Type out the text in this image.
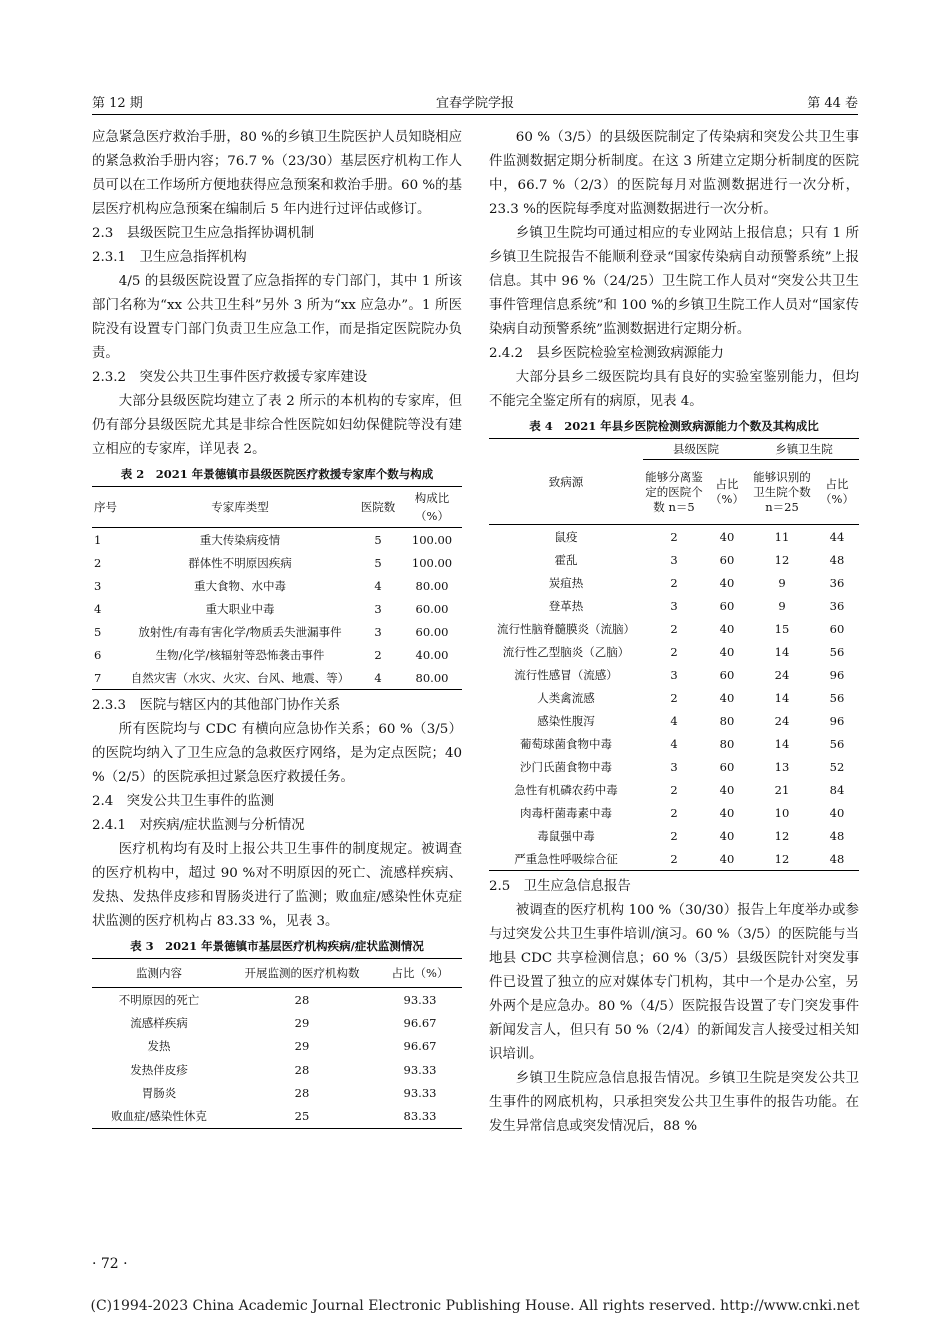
第 12 期	宜春学院学报	第 44 卷

应急紧急医疗救治手册，80 %的乡镇卫生院医护人员知晓相应的紧急救治手册内容；76.7 %（23/30）基层医疗机构工作人员可以在工作场所方便地获得应急预案和救治手册。60 %的基层医疗机构应急预案在编制后 5 年内进行过评估或修订。

2.3　县级医院卫生应急指挥协调机制
2.3.1　卫生应急指挥机构

4/5 的县级医院设置了应急指挥的专门部门，其中 1 所该部门名称为“xx 公共卫生科”另外 3 所为“xx 应急办”。1 所医院没有设置专门部门负责卫生应急工作，而是指定医院院办负责。

2.3.2　突发公共卫生事件医疗救援专家库建设

大部分县级医院均建立了表 2 所示的本机构的专家库，但仍有部分县级医院尤其是非综合性医院如妇幼保健院等没有建立相应的专家库，详见表 2。

表 2　2021 年景德镇市县级医院医疗救援专家库个数与构成
序号	专家库类型	医院数	构成比
（%）
1	重大传染病疫情	5	100.00
2	群体性不明原因疾病	5	100.00
3	重大食物、水中毒	4	80.00
4	重大职业中毒	3	60.00
5	放射性/有毒有害化学/物质丢失泄漏事件	3	60.00
6	生物/化学/核辐射等恐怖袭击事件	2	40.00
7	自然灾害（水灾、火灾、台风、地震、等）	4	80.00
2.3.3　医院与辖区内的其他部门协作关系

所有医院均与 CDC 有横向应急协作关系；60 %（3/5）的医院均纳入了卫生应急的急救医疗网络，是为定点医院；40 %（2/5）的医院承担过紧急医疗救援任务。

2.4　突发公共卫生事件的监测
2.4.1　对疾病/症状监测与分析情况

医疗机构均有及时上报公共卫生事件的制度规定。被调查的医疗机构中，超过 90 %对不明原因的死亡、流感样疾病、发热、发热伴皮疹和胃肠炎进行了监测；败血症/感染性休克症状监测的医疗机构占 83.33 %，见表 3。

表 3　2021 年景德镇市基层医疗机构疾病/症状监测情况
监测内容	开展监测的医疗机构数	占比（%）
不明原因的死亡	28	93.33
流感样疾病	29	96.67
发热	29	96.67
发热伴皮疹	28	93.33
胃肠炎	28	93.33
败血症/感染性休克	25	83.33

60 %（3/5）的县级医院制定了传染病和突发公共卫生事件监测数据定期分析制度。在这 3 所建立定期分析制度的医院中，66.7 %（2/3）的医院每月对监测数据进行一次分析，23.3 %的医院每季度对监测数据进行一次分析。

乡镇卫生院均可通过相应的专业网站上报信息；只有 1 所乡镇卫生院报告不能顺利登录“国家传染病自动预警系统”上报信息。其中 96 %（24/25）卫生院工作人员对“突发公共卫生事件管理信息系统”和 100 %的乡镇卫生院工作人员对“国家传染病自动预警系统”监测数据进行定期分析。

2.4.2　县乡医院检验室检测致病源能力

大部分县乡二级医院均具有良好的实验室鉴别能力，但均不能完全鉴定所有的病原，见表 4。

表 4　2021 年县乡医院检测致病源能力个数及其构成比
致病源	县级医院		乡镇卫生院	
	能够分离鉴定的医院个数 n＝5	占比（%）	能够识别的卫生院个数 n＝25	占比（%）
鼠疫	2	40	11	44
霍乱	3	60	12	48
炭疽热	2	40	9	36
登革热	3	60	9	36
流行性脑脊髓膜炎（流脑）	2	40	15	60
流行性乙型脑炎（乙脑）	2	40	14	56
流行性感冒（流感）	3	60	24	96
人类禽流感	2	40	14	56
感染性腹泻	4	80	24	96
葡萄球菌食物中毒	4	80	14	56
沙门氏菌食物中毒	3	60	13	52
急性有机磷农药中毒	2	40	21	84
肉毒杆菌毒素中毒	2	40	10	40
毒鼠强中毒	2	40	12	48
严重急性呼吸综合征	2	40	12	48
2.5　卫生应急信息报告

被调查的医疗机构 100 %（30/30）报告上年度举办或参与过突发公共卫生事件培训/演习。60 %（3/5）的医院能与当地县 CDC 共享检测信息；60 %（3/5）县级医院针对突发事件已设置了独立的应对媒体专门机构，其中一个是办公室，另外两个是应急办。80 %（4/5）医院报告设置了专门突发事件新闻发言人，但只有 50 %（2/4）的新闻发言人接受过相关知识培训。

乡镇卫生院应急信息报告情况。乡镇卫生院是突发公共卫生事件的网底机构，只承担突发公共卫生事件的报告功能。在发生异常信息或突发情况后，88 %

· 72 ·
(C)1994-2023 China Academic Journal Electronic Publishing House. All rights reserved. http://www.cnki.net
